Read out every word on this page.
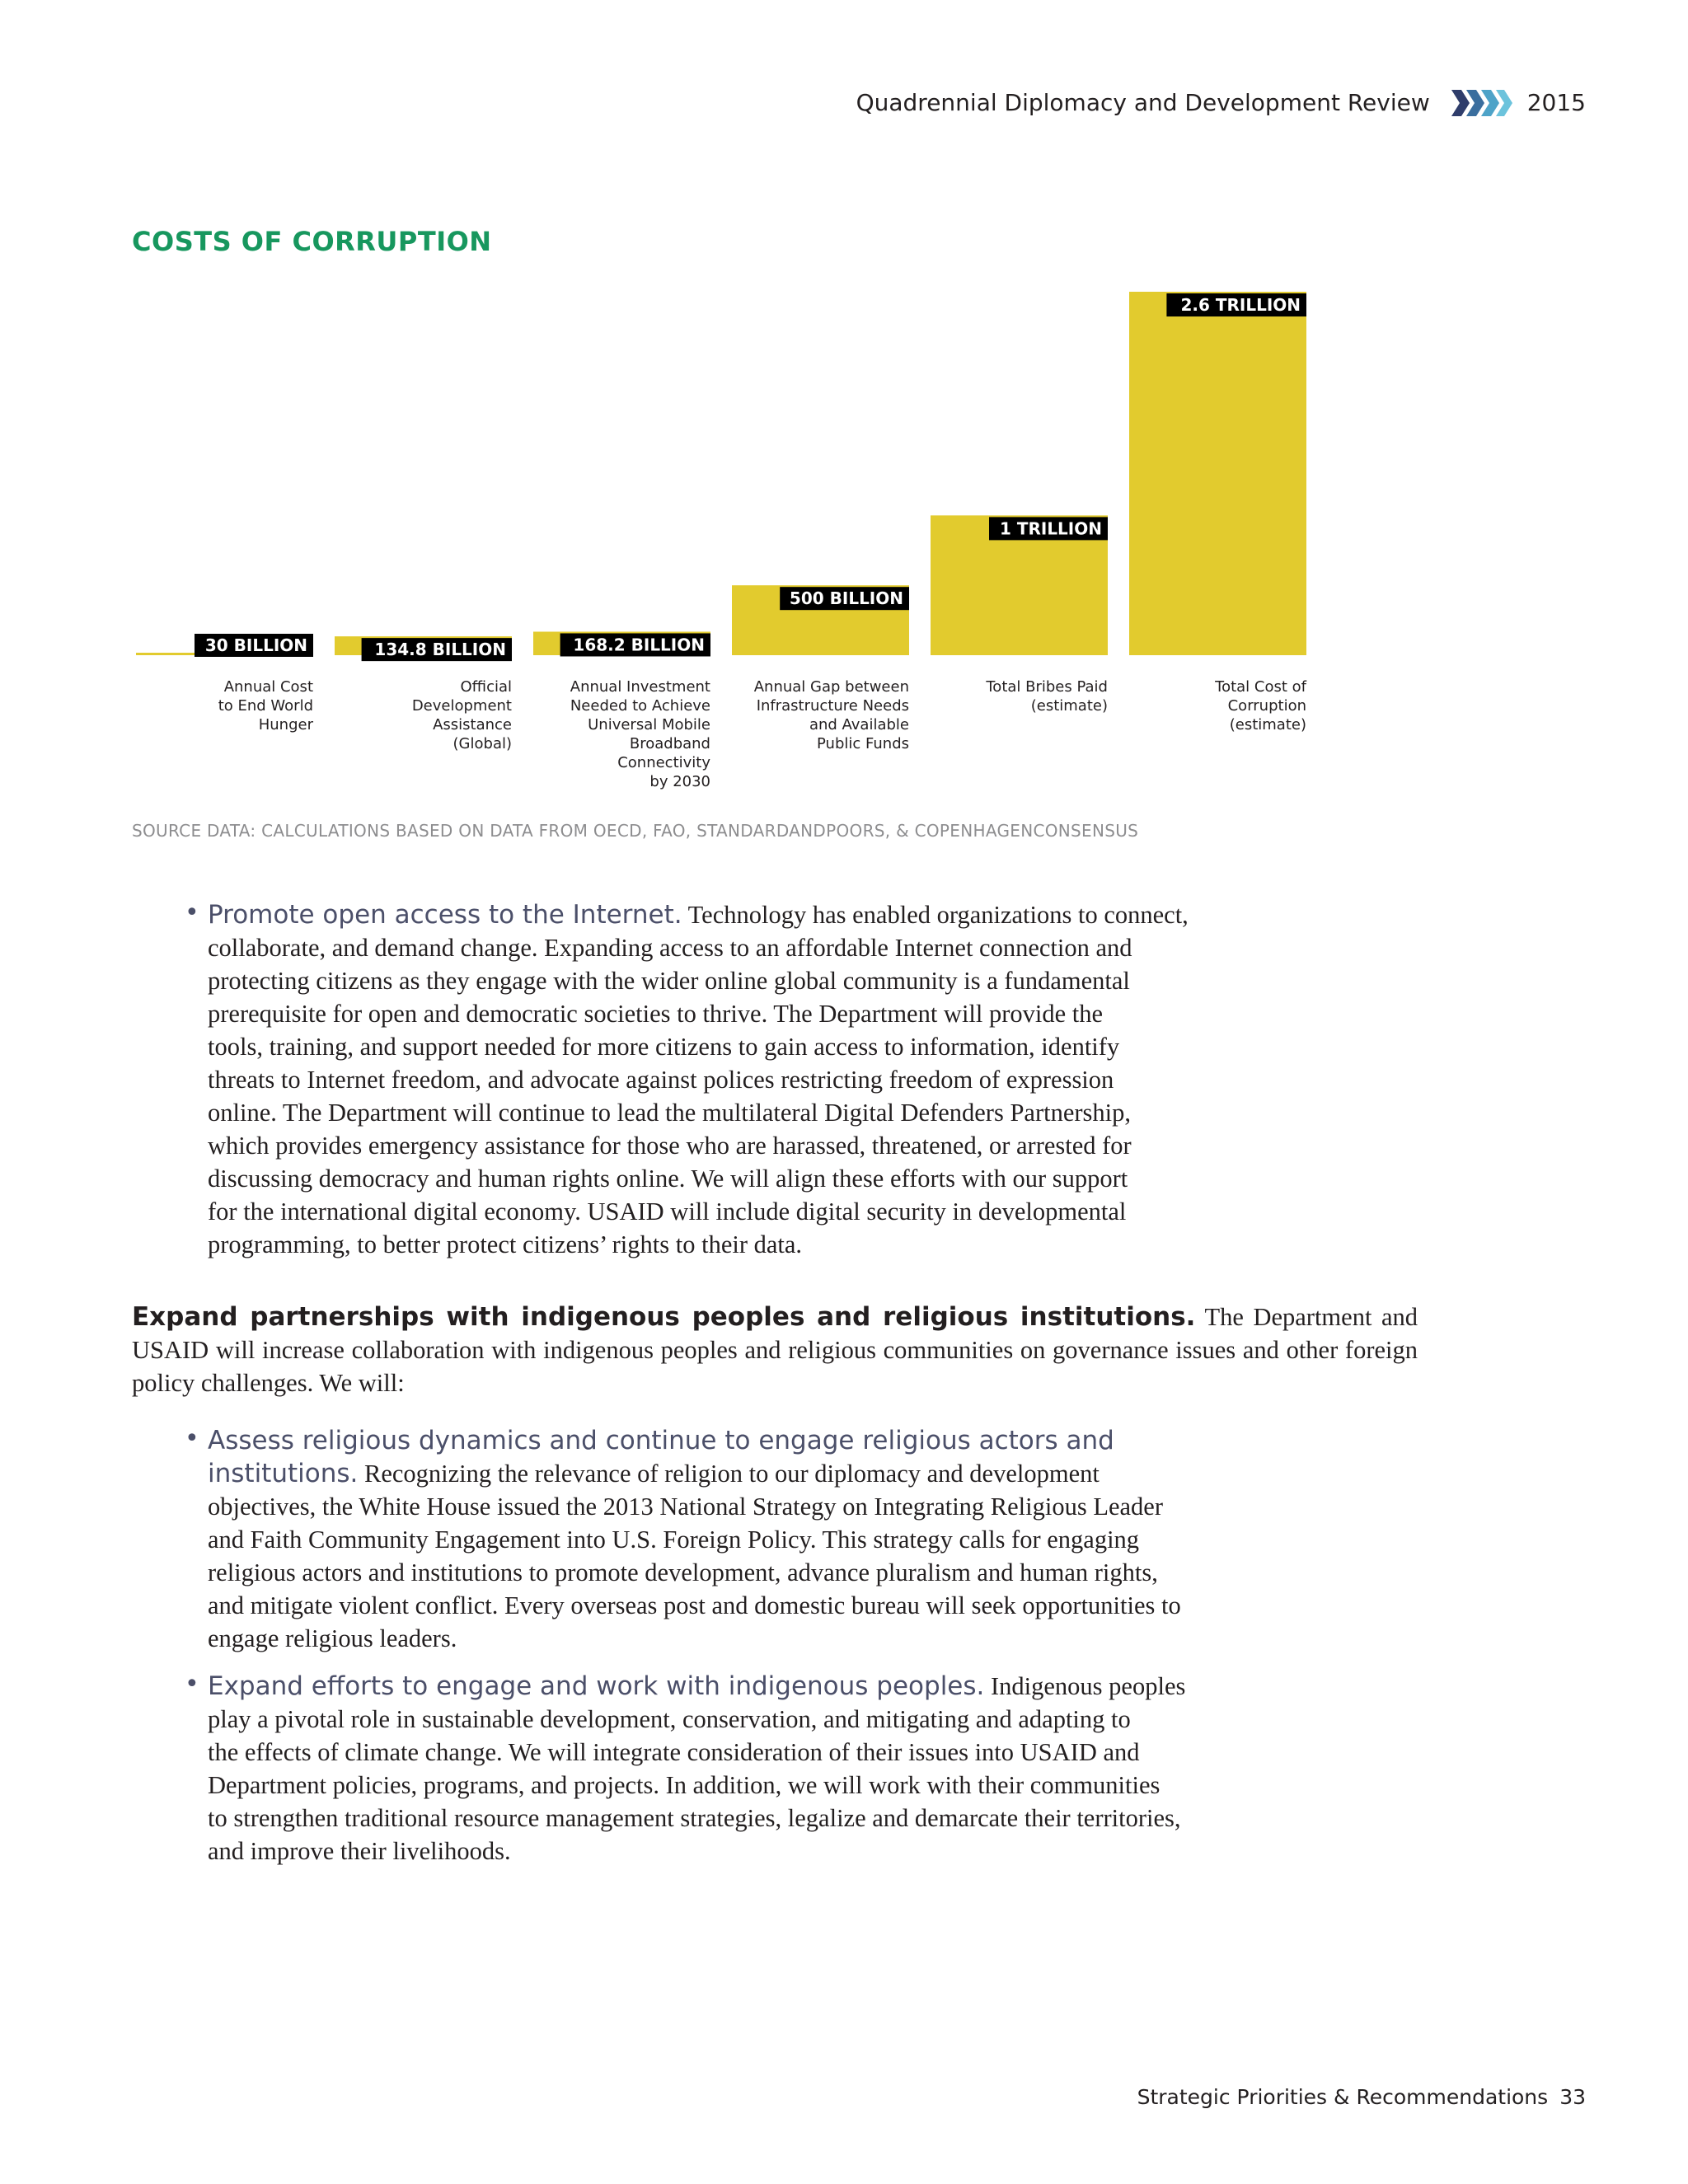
Quadrennial Diplomacy and Development Review	2015
COSTS OF CORRUPTION
30 BILLION	134.8 BILLION	168.2 BILLION
500 BILLION
1 TRILLION
2.6 TRILLION
Annual Cost
to End World
Hunger
Official
Development
Assistance
(Global)
Annual Investment
Needed to Achieve
Universal Mobile
Broadband
Connectivity
by 2030
Annual Gap between
Infrastructure Needs
and Available
Public Funds
Total Bribes Paid
(estimate)
Total Cost of
Corruption
(estimate)
SOURCE DATA: CALCULATIONS BASED ON DATA FROM OECD, FAO, STANDARDANDPOORS, & COPENHAGENCONSENSUS
• Promote open access to the Internet. Technology has enabled organizations to connect,
collaborate, and demand change. Expanding access to an affordable Internet connection and
protecting citizens as they engage with the wider online global community is a fundamental
prerequisite for open and democratic societies to thrive. The Department will provide the
tools, training, and support needed for more citizens to gain access to information, identify
threats to Internet freedom, and advocate against polices restricting freedom of expression
online. The Department will continue to lead the multilateral Digital Defenders Partnership,
which provides emergency assistance for those who are harassed, threatened, or arrested for
discussing democracy and human rights online. We will align these efforts with our support
for the international digital economy. USAID will include digital security in developmental
programming, to better protect citizens’ rights to their data.

Expand partnerships with indigenous peoples and religious institutions. The Department and USAID will increase collaboration with indigenous peoples and religious communities on governance issues and other foreign policy challenges. We will:

• Assess religious dynamics and continue to engage religious actors and
institutions. Recognizing the relevance of religion to our diplomacy and development
objectives, the White House issued the 2013 National Strategy on Integrating Religious Leader
and Faith Community Engagement into U.S. Foreign Policy. This strategy calls for engaging
religious actors and institutions to promote development, advance pluralism and human rights,
and mitigate violent conflict. Every overseas post and domestic bureau will seek opportunities to
engage religious leaders.

• Expand efforts to engage and work with indigenous peoples. Indigenous peoples
play a pivotal role in sustainable development, conservation, and mitigating and adapting to
the effects of climate change. We will integrate consideration of their issues into USAID and
Department policies, programs, and projects. In addition, we will work with their communities
to strengthen traditional resource management strategies, legalize and demarcate their territories,
and improve their livelihoods.

Strategic Priorities & Recommendations 33
